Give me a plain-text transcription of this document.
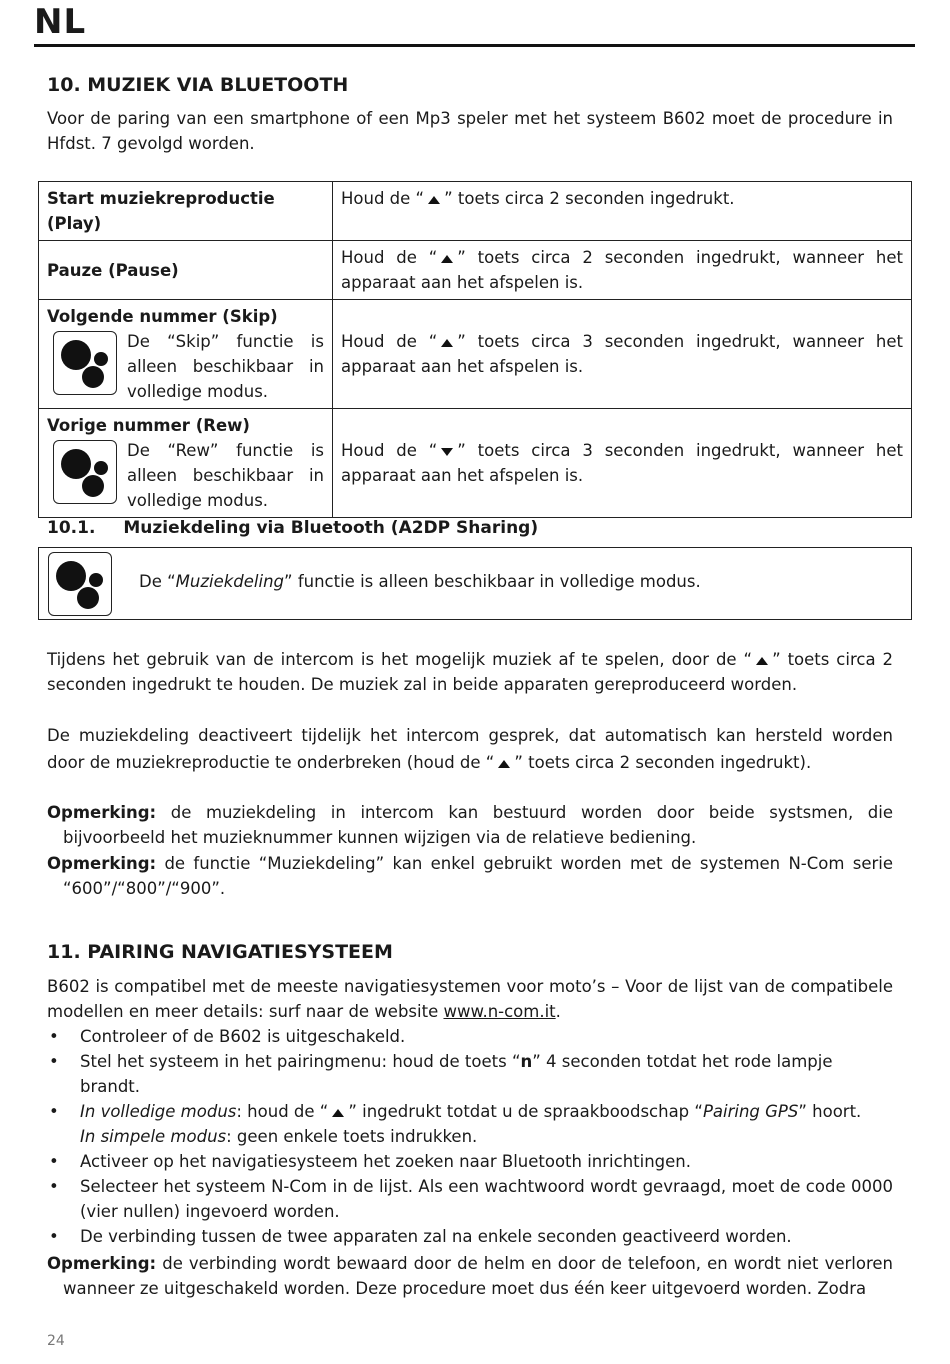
NL
10. MUZIEK VIA BLUETOOTH

Voor de paring van een smartphone of een Mp3 speler met het systeem B602 moet de procedure in Hfdst. 7 gevolgd worden.

Start muziekreproductie (Play)	Houd de “ ” toets circa 2 seconden ingedrukt.
Pauze (Pause)	Houd de “ ” toets circa 2 seconden ingedrukt, wanneer het apparaat aan het afspelen is.

Volgende nummer (Skip)
De “Skip” functie is alleen beschikbaar in volledige modus.	Houd de “ ” toets circa 3 seconden ingedrukt, wanneer het apparaat aan het afspelen is.

Vorige nummer (Rew)
De “Rew” functie is alleen beschikbaar in volledige modus.	Houd de “ ” toets circa 3 seconden ingedrukt, wanneer het apparaat aan het afspelen is.
10.1. Muziekdeling via Bluetooth (A2DP Sharing)
De “Muziekdeling” functie is alleen beschikbaar in volledige modus.

Tijdens het gebruik van de intercom is het mogelijk muziek af te spelen, door de “ ” toets circa 2 seconden ingedrukt te houden. De muziek zal in beide apparaten gereproduceerd worden.

De muziekdeling deactiveert tijdelijk het intercom gesprek, dat automatisch kan hersteld worden door de muziekreproductie te onderbreken (houd de “ ” toets circa 2 seconden ingedrukt).

Opmerking: de muziekdeling in intercom kan bestuurd worden door beide systsmen, die bijvoorbeeld het muzieknummer kunnen wijzigen via de relatieve bediening.

Opmerking: de functie “Muziekdeling” kan enkel gebruikt worden met de systemen N-Com serie “600”/“800”/“900”.

11. PAIRING NAVIGATIESYSTEEM

B602 is compatibel met de meeste navigatiesystemen voor moto’s – Voor de lijst van de compatibele modellen en meer details: surf naar de website www.n-com.it.

• Controleer of de B602 is uitgeschakeld.
• Stel het systeem in het pairingmenu: houd de toets “n” 4 seconden totdat het rode lampje brandt.
• In volledige modus: houd de “ ” ingedrukt totdat u de spraakboodschap “Pairing GPS” hoort.
In simpele modus: geen enkele toets indrukken.
• Activeer op het navigatiesysteem het zoeken naar Bluetooth inrichtingen.
• Selecteer het systeem N-Com in de lijst. Als een wachtwoord wordt gevraagd, moet de code 0000 (vier nullen) ingevoerd worden.
• De verbinding tussen de twee apparaten zal na enkele seconden geactiveerd worden.

Opmerking: de verbinding wordt bewaard door de helm en door de telefoon, en wordt niet verloren wanneer ze uitgeschakeld worden. Deze procedure moet dus één keer uitgevoerd worden. Zodra

24
